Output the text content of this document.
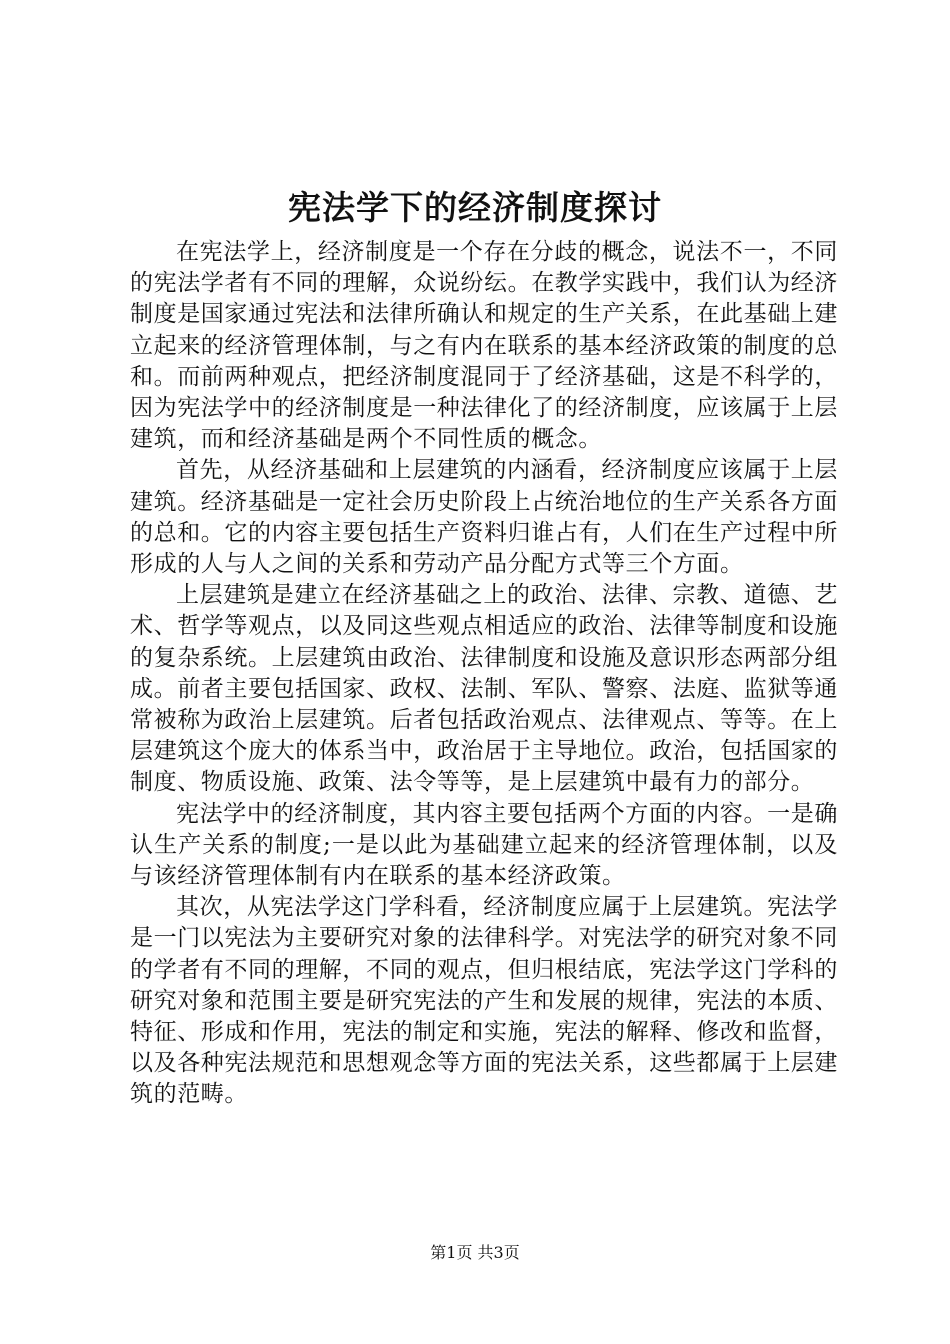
宪法学下的经济制度探讨

在宪法学上，经济制度是一个存在分歧的概念，说法不一，不同的宪法学者有不同的理解，众说纷纭。在教学实践中，我们认为经济制度是国家通过宪法和法律所确认和规定的生产关系，在此基础上建立起来的经济管理体制，与之有内在联系的基本经济政策的制度的总和。而前两种观点，把经济制度混同于了经济基础，这是不科学的，因为宪法学中的经济制度是一种法律化了的经济制度，应该属于上层建筑，而和经济基础是两个不同性质的概念。

首先，从经济基础和上层建筑的内涵看，经济制度应该属于上层建筑。经济基础是一定社会历史阶段上占统治地位的生产关系各方面的总和。它的内容主要包括生产资料归谁占有，人们在生产过程中所形成的人与人之间的关系和劳动产品分配方式等三个方面。

上层建筑是建立在经济基础之上的政治、法律、宗教、道德、艺术、哲学等观点，以及同这些观点相适应的政治、法律等制度和设施的复杂系统。上层建筑由政治、法律制度和设施及意识形态两部分组成。前者主要包括国家、政权、法制、军队、警察、法庭、监狱等通常被称为政治上层建筑。后者包括政治观点、法律观点、等等。在上层建筑这个庞大的体系当中，政治居于主导地位。政治，包括国家的制度、物质设施、政策、法令等等，是上层建筑中最有力的部分。

宪法学中的经济制度，其内容主要包括两个方面的内容。一是确认生产关系的制度;一是以此为基础建立起来的经济管理体制，以及与该经济管理体制有内在联系的基本经济政策。

其次，从宪法学这门学科看，经济制度应属于上层建筑。宪法学是一门以宪法为主要研究对象的法律科学。对宪法学的研究对象不同的学者有不同的理解，不同的观点，但归根结底，宪法学这门学科的研究对象和范围主要是研究宪法的产生和发展的规律，宪法的本质、特征、形成和作用，宪法的制定和实施，宪法的解释、修改和监督，以及各种宪法规范和思想观念等方面的宪法关系，这些都属于上层建筑的范畴。

第1页 共3页
